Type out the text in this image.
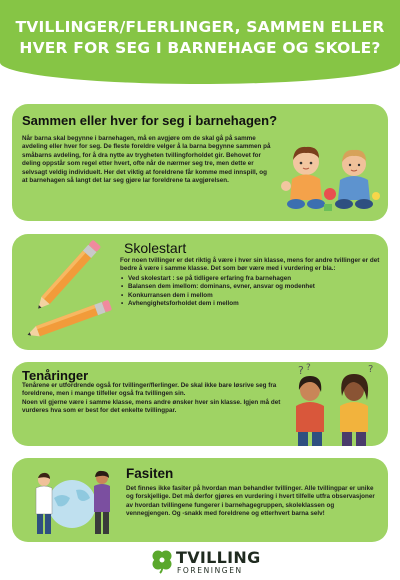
TVILLINGER/FLERLINGER, SAMMEN ELLER
HVER FOR SEG I BARNEHAGE OG SKOLE?
Sammen eller hver for seg i barnehagen?

Når barna skal begynne i barnehagen, må en avgjøre om de skal gå på samme avdeling eller hver for seg. De fleste foreldre velger å la barna begynne sammen på småbarns avdeling, for å dra nytte av trygheten tvillingforholdet gir. Behovet for deling oppstår som regel etter hvert, ofte når de nærmer seg tre, men dette er selvsagt veldig individuelt. Her det viktig at foreldrene får komme med innspill, og at barnehagen så langt det lar seg gjøre lar foreldrene ta avgjørelsen.

Skolestart

For noen tvillinger er det riktig å være i hver sin klasse, mens for andre tvillinger er det bedre å være i samme klasse. Det som bør være med i vurdering er bla.:

• Ved skolestart : se på tidligere erfaring fra barnehagen
• Balansen dem imellom: dominans, evner, ansvar og modenhet
• Konkurransen dem i mellom
• Avhengighetsforholdet dem i mellom
Tenåringer

Tenårene er utfordrende også for tvillinger/flerlinger. De skal ikke bare løsrive seg fra foreldrene, men i mange tilfeller også fra tvillingen sin.

Noen vil gjerne være i samme klasse, mens andre ønsker hver sin klasse. Igjen må det vurderes hva som er best for det enkelte tvillingpar.

? ?	?
Fasiten

Det finnes ikke fasiter på hvordan man behandler tvillinger. Alle tvillingpar er unike og forskjellige. Det må derfor gjøres en vurdering i hvert tilfelle utfra observasjoner av hvordan tvillingene fungerer i barnehagegruppen, skoleklassen og vennegjengen. Og -snakk med foreldrene og etterhvert barna selv!

TVILLING
FORENINGEN
